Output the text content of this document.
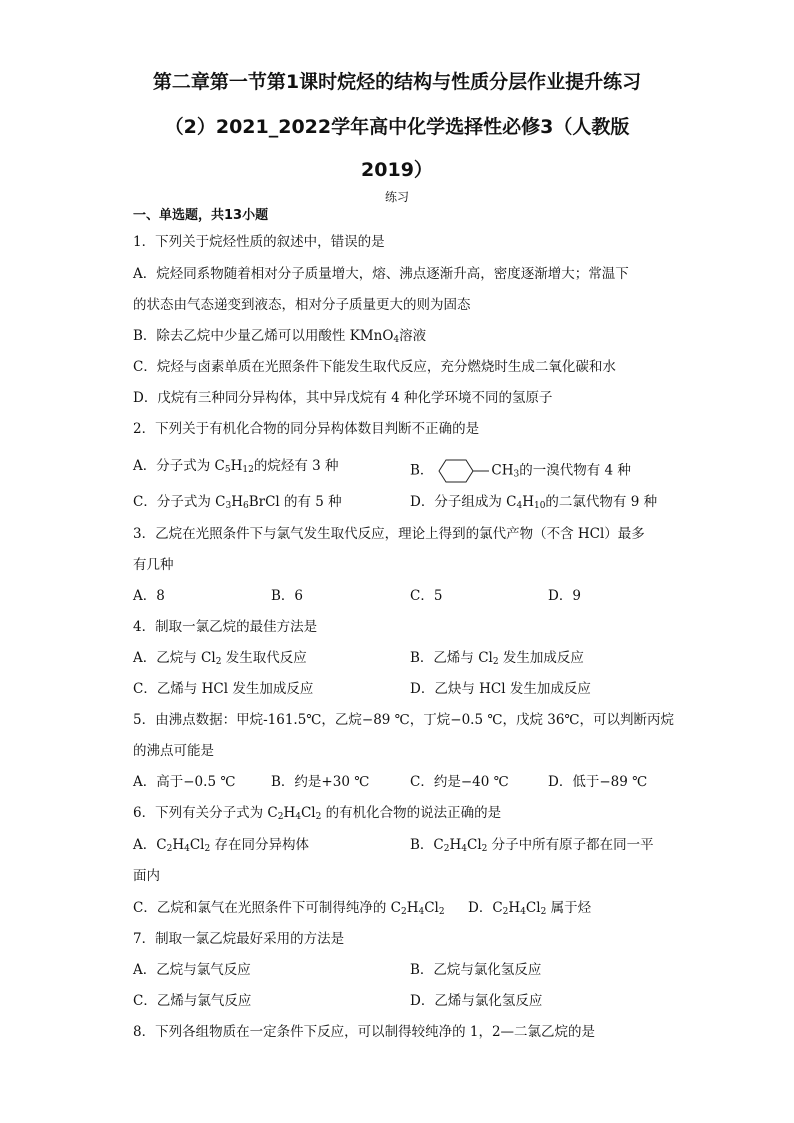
第二章第一节第1课时烷烃的结构与性质分层作业提升练习
（2）2021_2022学年高中化学选择性必修3（人教版
2019）
练习
一、单选题，共13小题
1．下列关于烷烃性质的叙述中，错误的是
A．烷烃同系物随着相对分子质量增大，熔、沸点逐渐升高，密度逐渐增大；常温下
的状态由气态递变到液态，相对分子质量更大的则为固态
B．除去乙烷中少量乙烯可以用酸性 KMnO$_4$溶液
C．烷烃与卤素单质在光照条件下能发生取代反应，充分燃烧时生成二氧化碳和水
D．戊烷有三种同分异构体，其中异戊烷有 4 种化学环境不同的氢原子
2．下列关于有机化合物的同分异构体数目判断不正确的是
A．分子式为 $C_5H_{12}$的烷烃有 3 种	B．	$CH_3$的一溴代物有 4 种
C．分子式为 $C_3H_6BrCl$ 的有 5 种	D．分子组成为 $C_4H_{10}$的二氯代物有 9 种
3．乙烷在光照条件下与氯气发生取代反应，理论上得到的氯代产物（不含 HCl）最多
有几种
A．8	B．6	C．5	D．9
4．制取一氯乙烷的最佳方法是
A．乙烷与 $Cl_2$ 发生取代反应	B．乙烯与 $Cl_2$ 发生加成反应
C．乙烯与 HCl 发生加成反应	D．乙炔与 HCl 发生加成反应
5．由沸点数据：甲烷-161.5℃，乙烷−89 ℃，丁烷−0.5 ℃，戊烷 36℃，可以判断丙烷
的沸点可能是
A．高于−0.5 ℃	B．约是+30 ℃	C．约是−40 ℃	D．低于−89 ℃
6．下列有关分子式为 $C_2H_4Cl_2$ 的有机化合物的说法正确的是
A．$C_2H_4Cl_2$ 存在同分异构体	B．$C_2H_4Cl_2$ 分子中所有原子都在同一平
面内
C．乙烷和氯气在光照条件下可制得纯净的 $C_2H_4Cl_2$ D．$C_2H_4Cl_2$ 属于烃
7．制取一氯乙烷最好采用的方法是
A．乙烷与氯气反应	B．乙烷与氯化氢反应
C．乙烯与氯气反应	D．乙烯与氯化氢反应
8．下列各组物质在一定条件下反应，可以制得较纯净的 1，2—二氯乙烷的是
